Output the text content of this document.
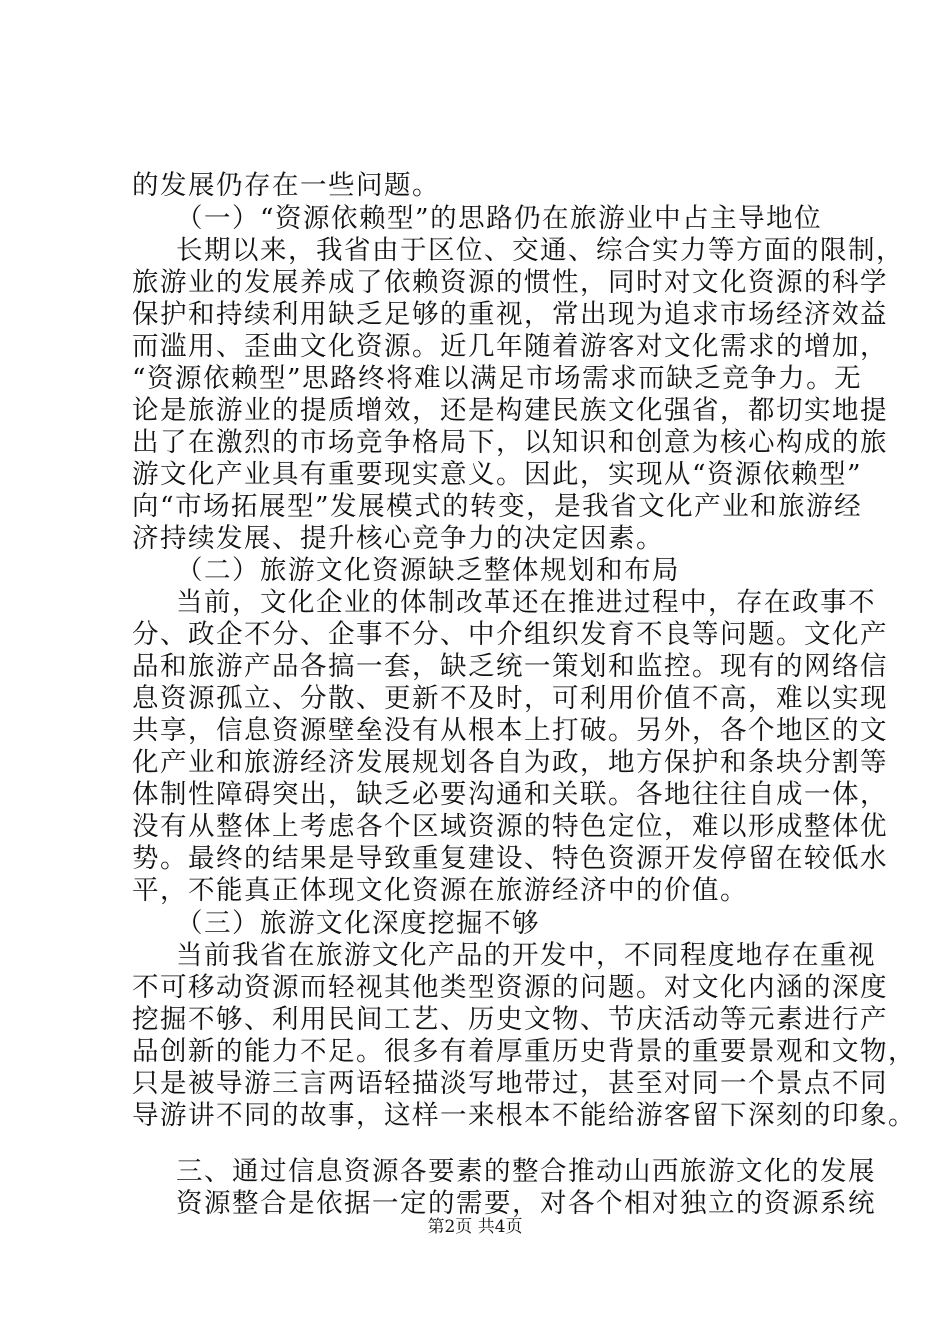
的发展仍存在一些问题。
（一）“资源依赖型”的思路仍在旅游业中占主导地位
长期以来，我省由于区位、交通、综合实力等方面的限制，
旅游业的发展养成了依赖资源的惯性，同时对文化资源的科学
保护和持续利用缺乏足够的重视，常出现为追求市场经济效益
而滥用、歪曲文化资源。近几年随着游客对文化需求的增加，
“资源依赖型”思路终将难以满足市场需求而缺乏竞争力。无
论是旅游业的提质增效，还是构建民族文化强省，都切实地提
出了在激烈的市场竞争格局下，以知识和创意为核心构成的旅
游文化产业具有重要现实意义。因此，实现从“资源依赖型”
向“市场拓展型”发展模式的转变，是我省文化产业和旅游经
济持续发展、提升核心竞争力的决定因素。
（二）旅游文化资源缺乏整体规划和布局
当前，文化企业的体制改革还在推进过程中，存在政事不
分、政企不分、企事不分、中介组织发育不良等问题。文化产
品和旅游产品各搞一套，缺乏统一策划和监控。现有的网络信
息资源孤立、分散、更新不及时，可利用价值不高，难以实现
共享，信息资源壁垒没有从根本上打破。另外，各个地区的文
化产业和旅游经济发展规划各自为政，地方保护和条块分割等
体制性障碍突出，缺乏必要沟通和关联。各地往往自成一体，
没有从整体上考虑各个区域资源的特色定位，难以形成整体优
势。最终的结果是导致重复建设、特色资源开发停留在较低水
平，不能真正体现文化资源在旅游经济中的价值。
（三）旅游文化深度挖掘不够
当前我省在旅游文化产品的开发中，不同程度地存在重视
不可移动资源而轻视其他类型资源的问题。对文化内涵的深度
挖掘不够、利用民间工艺、历史文物、节庆活动等元素进行产
品创新的能力不足。很多有着厚重历史背景的重要景观和文物，
只是被导游三言两语轻描淡写地带过，甚至对同一个景点不同
导游讲不同的故事，这样一来根本不能给游客留下深刻的印象。
三、通过信息资源各要素的整合推动山西旅游文化的发展
资源整合是依据一定的需要，对各个相对独立的资源系统
第2页 共4页
